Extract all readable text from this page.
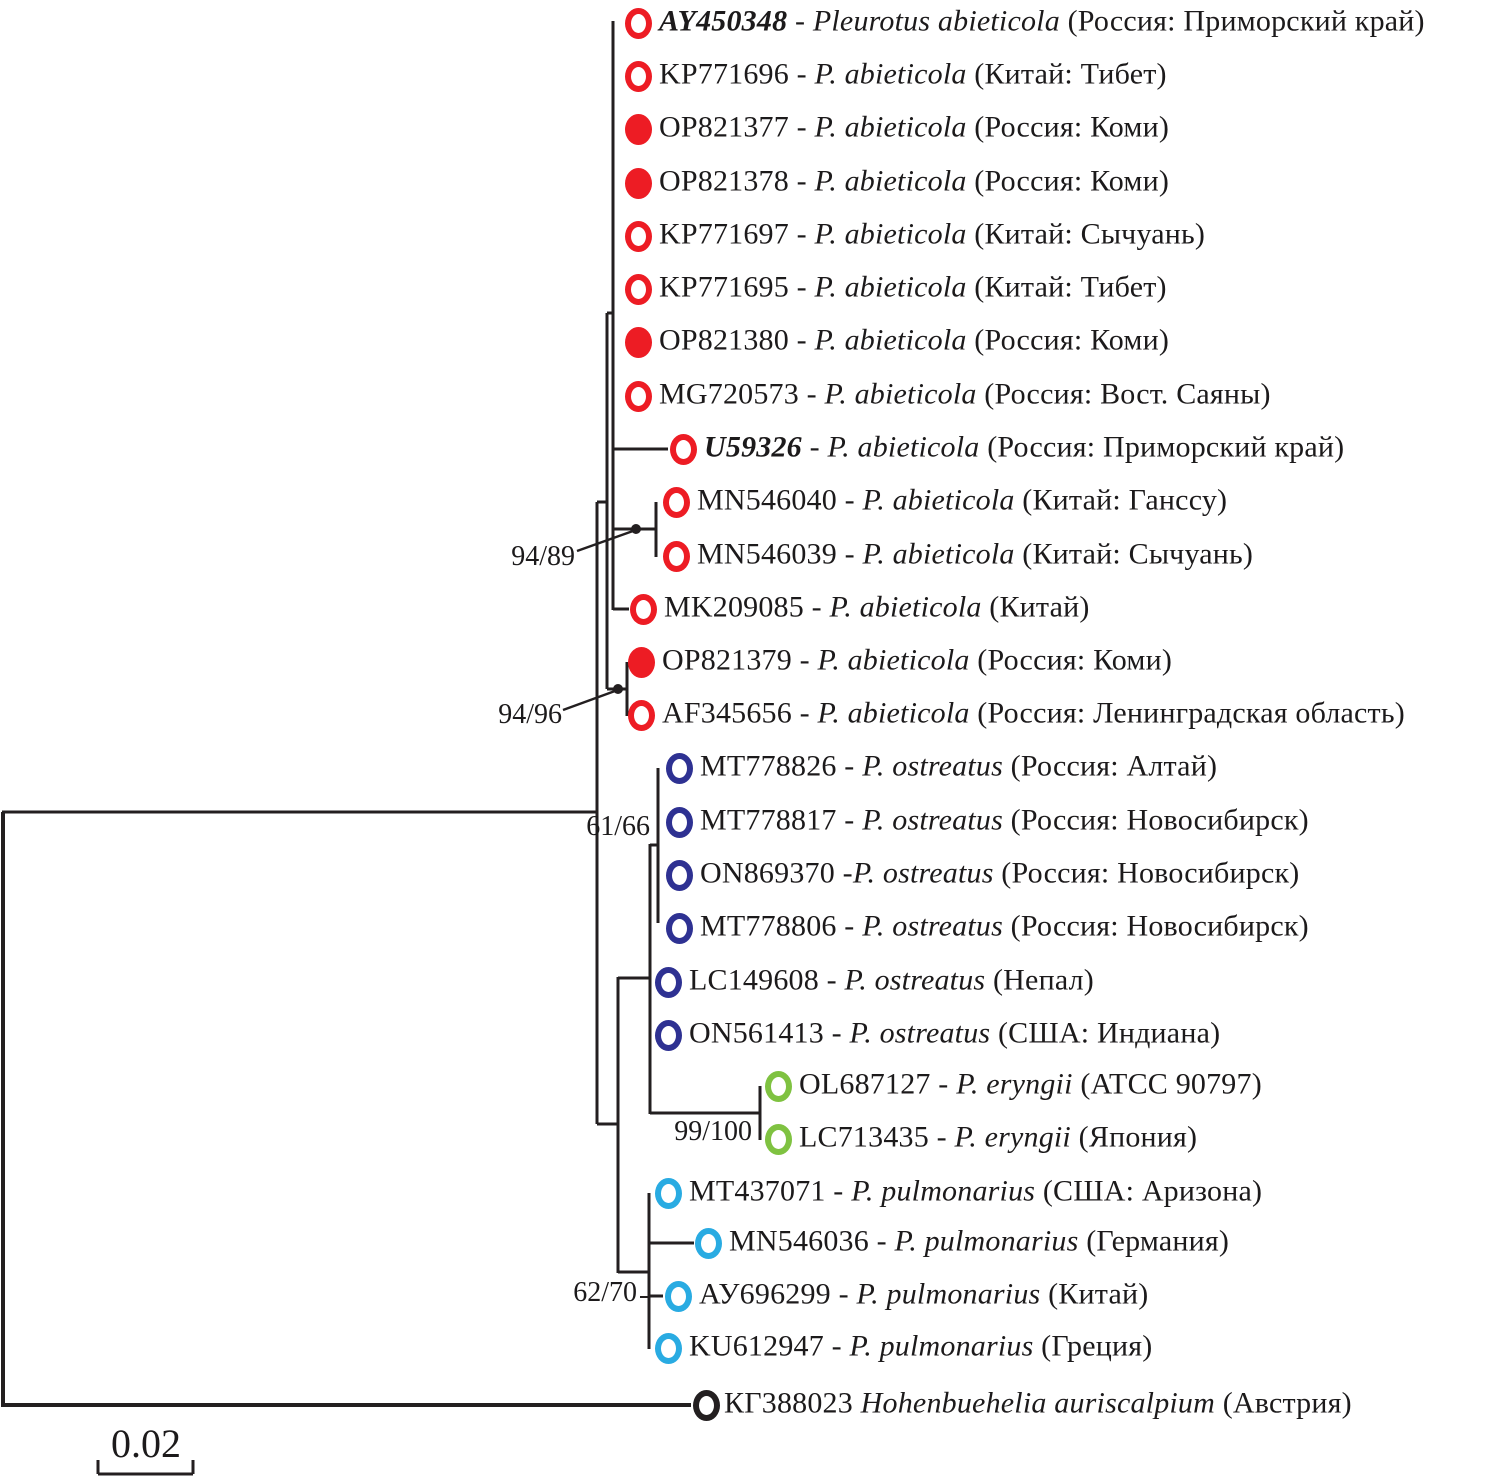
AY450348 - Pleurotus abieticola (Россия: Приморский край)
KP771696 - P. abieticola (Китай: Тибет)
OP821377 - P. abieticola (Россия: Коми)
OP821378 - P. abieticola (Россия: Коми)
KP771697 - P. abieticola (Китай: Сычуань)
KP771695 - P. abieticola (Китай: Тибет)
OP821380 - P. abieticola (Россия: Коми)
MG720573 - P. abieticola (Россия: Вост. Саяны)
U59326 - P. abieticola (Россия: Приморский край)
MN546040 - P. abieticola (Китай: Ганссу)
MN546039 - P. abieticola (Китай: Сычуань)
MK209085 - P. abieticola (Китай)
OP821379 - P. abieticola (Россия: Коми)
AF345656 - P. abieticola (Россия: Ленинградская область)
MT778826 - P. ostreatus (Россия: Алтай)
MT778817 - P. ostreatus (Россия: Новосибирск)
ON869370 -P. ostreatus (Россия: Новосибирск)
MT778806 - P. ostreatus (Россия: Новосибирск)
LC149608 - P. ostreatus (Непал)
ON561413 - P. ostreatus (США: Индиана)
OL687127 - P. eryngii (ATCC 90797)
LC713435 - P. eryngii (Япония)
MT437071 - P. pulmonarius (США: Аризона)
MN546036 - P. pulmonarius (Германия)
АУ696299 - P. pulmonarius (Китай)
KU612947 - P. pulmonarius (Греция)
КГ388023 Hohenbuehelia auriscalpium (Австрия)
94/89
94/96
61/66
99/100
62/70
0.02
